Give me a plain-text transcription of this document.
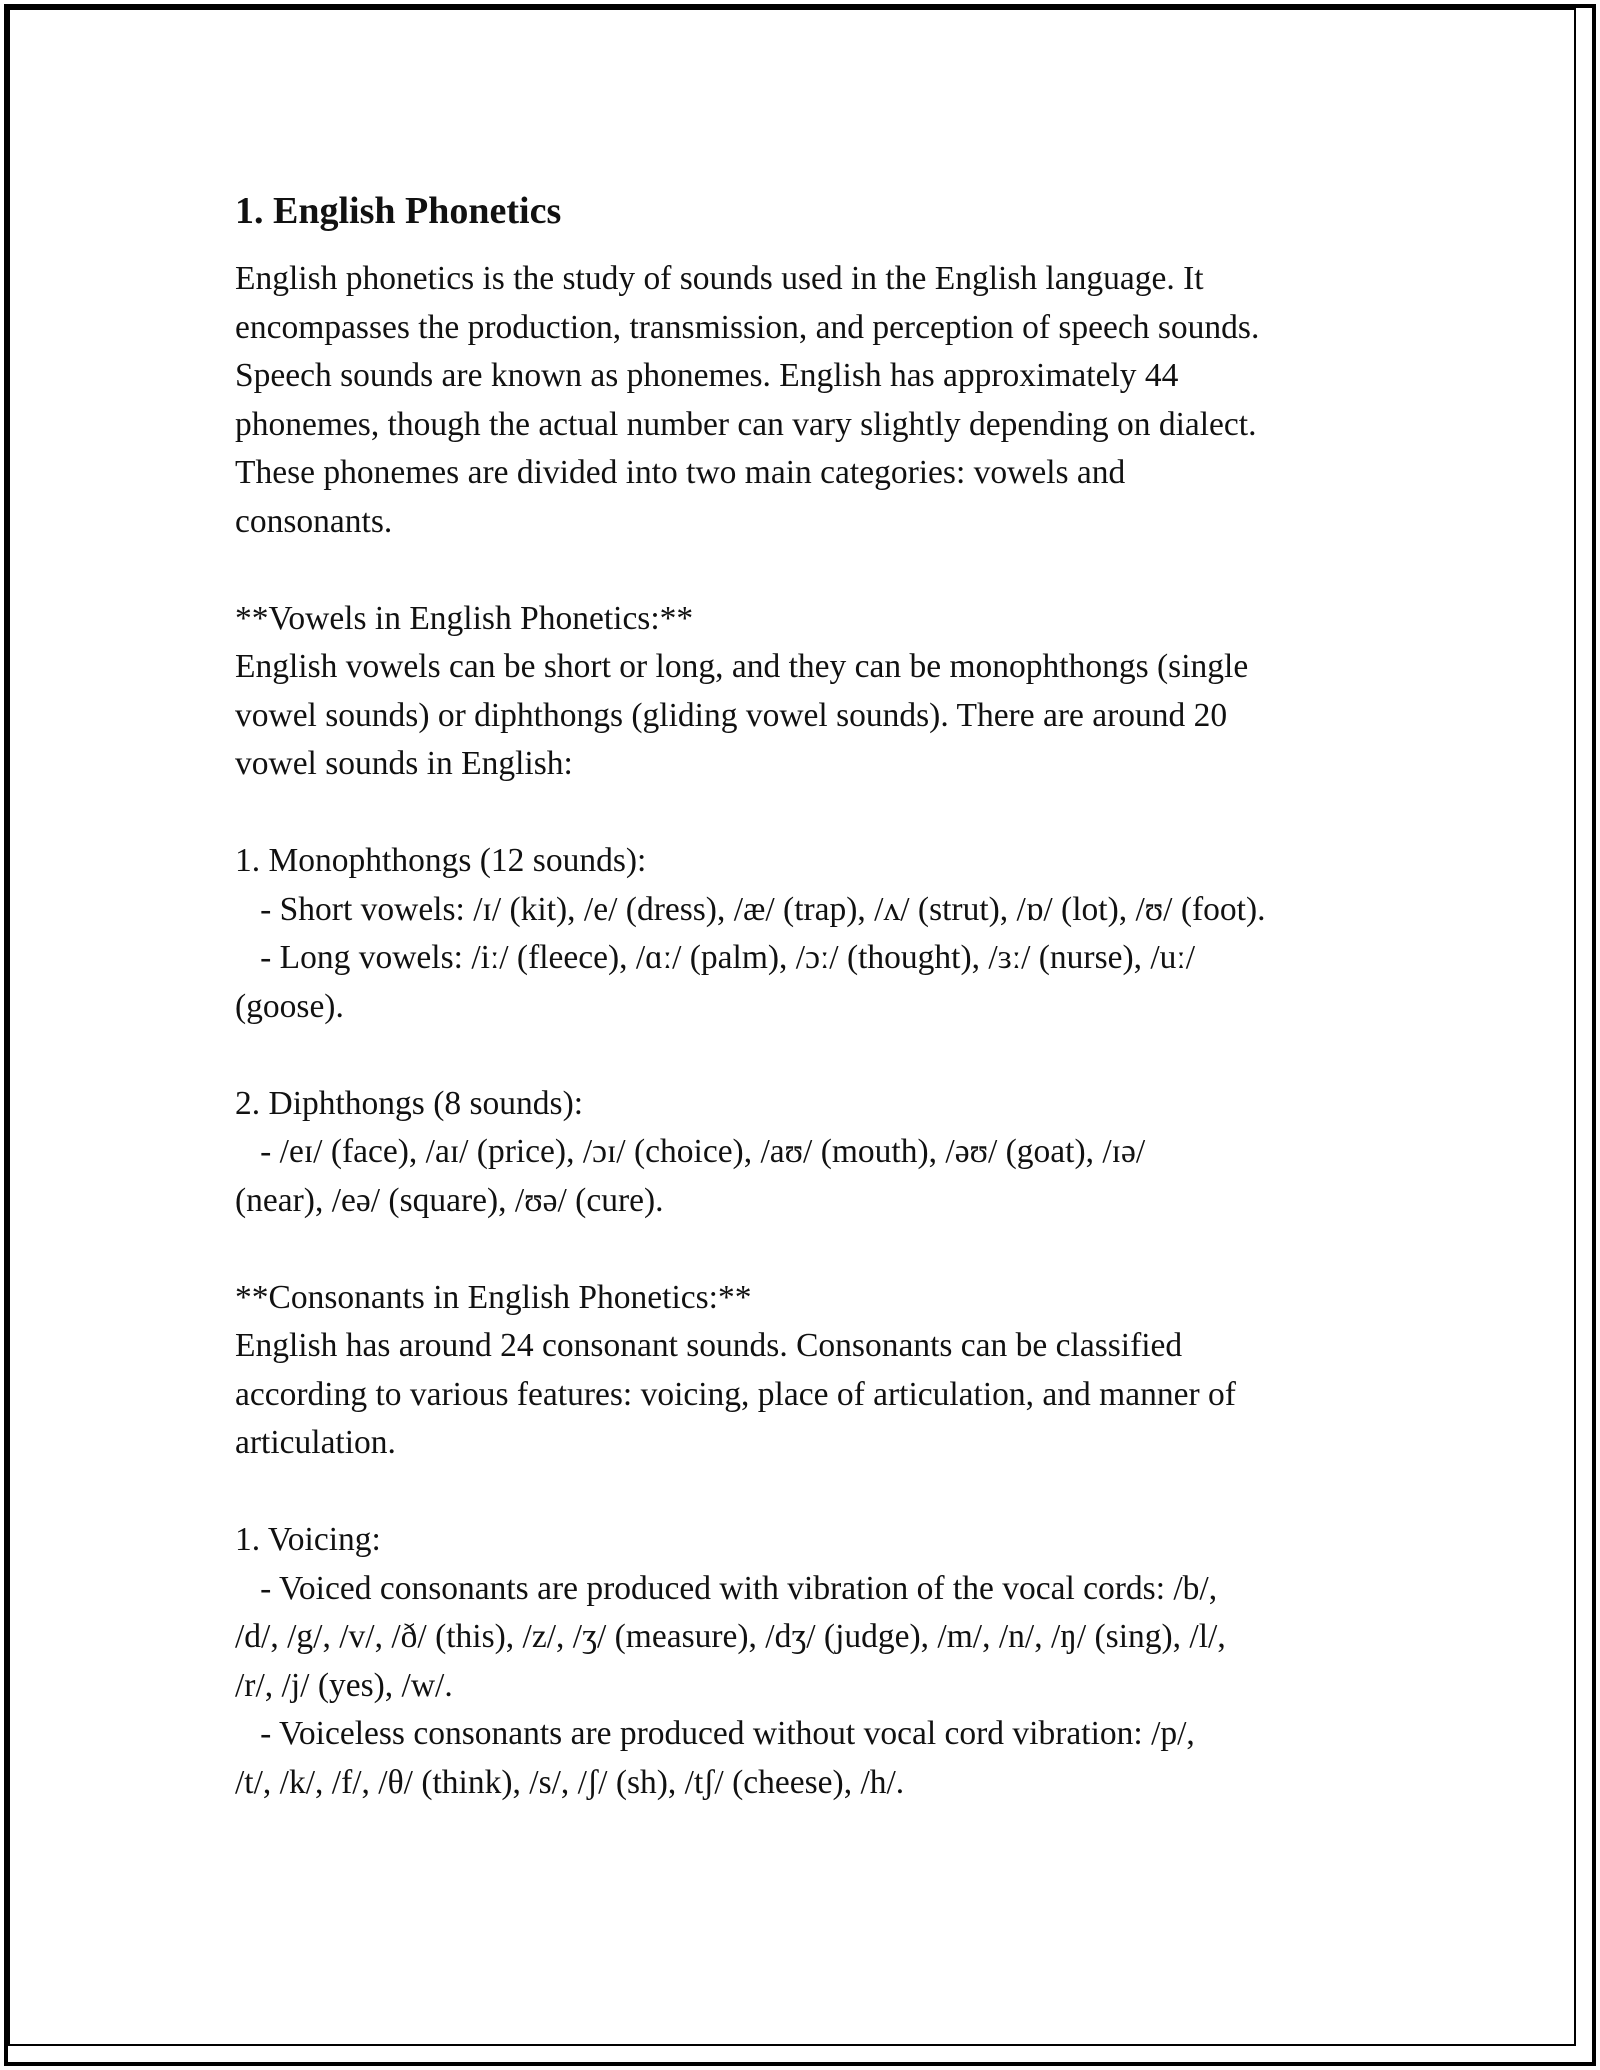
1. English Phonetics
English phonetics is the study of sounds used in the English language. It
encompasses the production, transmission, and perception of speech sounds.
Speech sounds are known as phonemes. English has approximately 44
phonemes, though the actual number can vary slightly depending on dialect.
These phonemes are divided into two main categories: vowels and
consonants.
**Vowels in English Phonetics:**
English vowels can be short or long, and they can be monophthongs (single
vowel sounds) or diphthongs (gliding vowel sounds). There are around 20
vowel sounds in English:
1. Monophthongs (12 sounds):
- Short vowels: /ɪ/ (kit), /e/ (dress), /æ/ (trap), /ʌ/ (strut), /ɒ/ (lot), /ʊ/ (foot).
- Long vowels: /iː/ (fleece), /ɑː/ (palm), /ɔː/ (thought), /ɜː/ (nurse), /uː/
(goose).
2. Diphthongs (8 sounds):
- /eɪ/ (face), /aɪ/ (price), /ɔɪ/ (choice), /aʊ/ (mouth), /əʊ/ (goat), /ɪə/
(near), /eə/ (square), /ʊə/ (cure).
**Consonants in English Phonetics:**
English has around 24 consonant sounds. Consonants can be classified
according to various features: voicing, place of articulation, and manner of
articulation.
1. Voicing:
- Voiced consonants are produced with vibration of the vocal cords: /b/,
/d/, /g/, /v/, /ð/ (this), /z/, /ʒ/ (measure), /dʒ/ (judge), /m/, /n/, /ŋ/ (sing), /l/,
/r/, /j/ (yes), /w/.
- Voiceless consonants are produced without vocal cord vibration: /p/,
/t/, /k/, /f/, /θ/ (think), /s/, /ʃ/ (sh), /tʃ/ (cheese), /h/.
